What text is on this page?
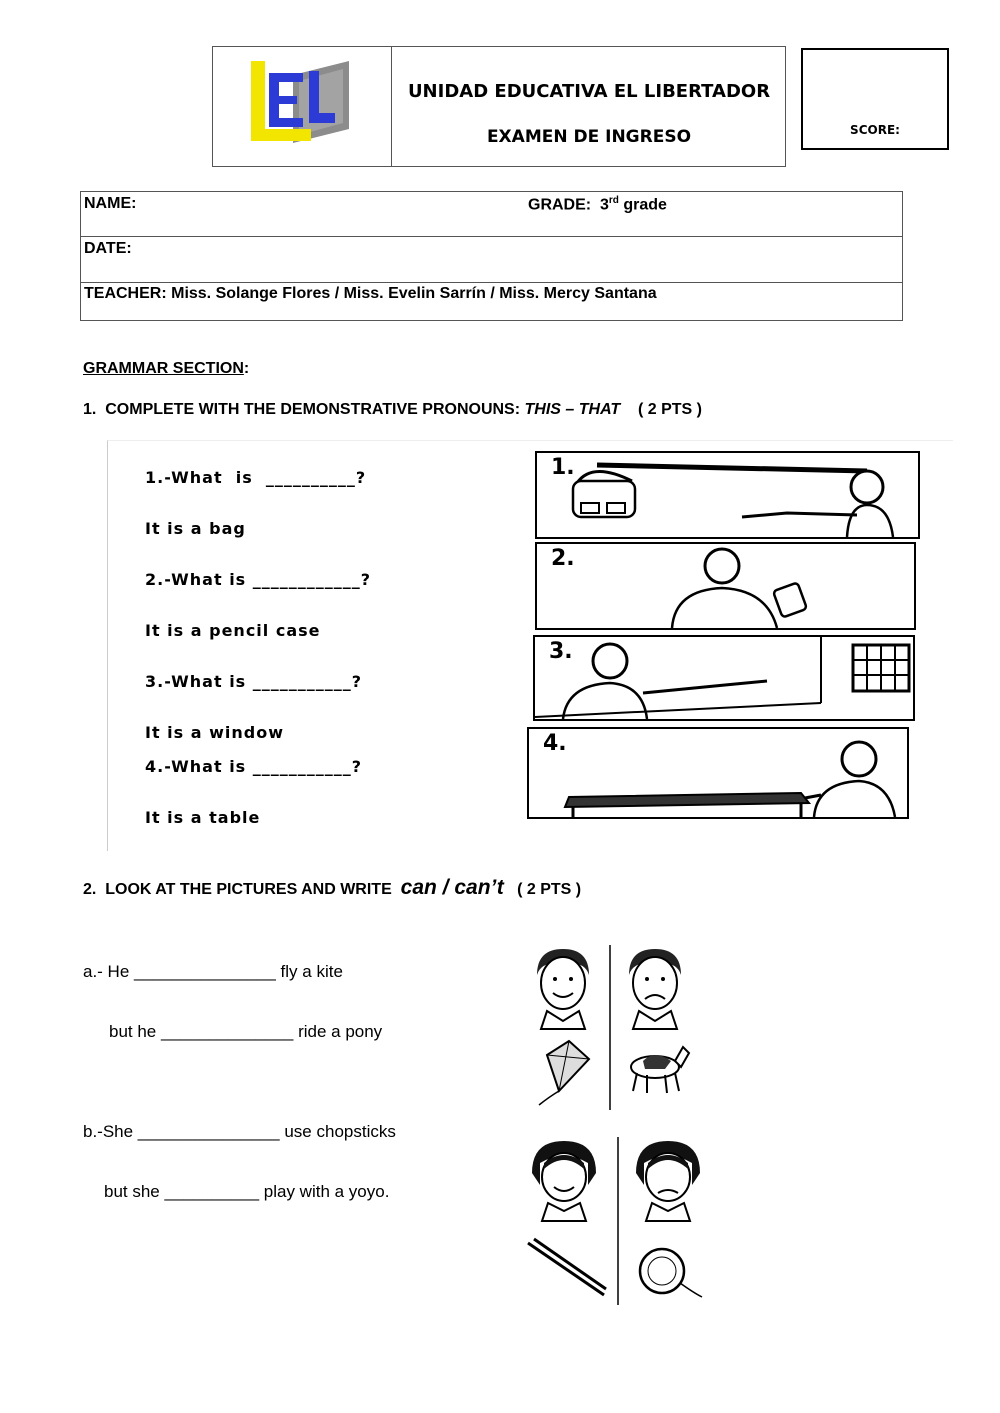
EL
UNIDAD EDUCATIVA EL LIBERTADOR
EXAMEN DE INGRESO	SCORE:
NAME:	GRADE: 3rd grade
DATE:
TEACHER: Miss. Solange Flores / Miss. Evelin Sarrín / Miss. Mercy Santana
GRAMMAR SECTION:
1.  COMPLETE WITH THE DEMONSTRATIVE PRONOUNS: THIS – THAT ( 2 PTS )
1.-What  is  __________?
It is a bag
2.-What is ____________?
It is a pencil case
3.-What is ___________?
It is a window
4.-What is ___________?
It is a table
1.
2.
3.
4.
2.  LOOK AT THE PICTURES AND WRITE can / can’t ( 2 PTS )
a.- He _______________ fly a kite
but he ______________ ride a pony
b.-She _______________ use chopsticks
but she __________ play with a yoyo.
